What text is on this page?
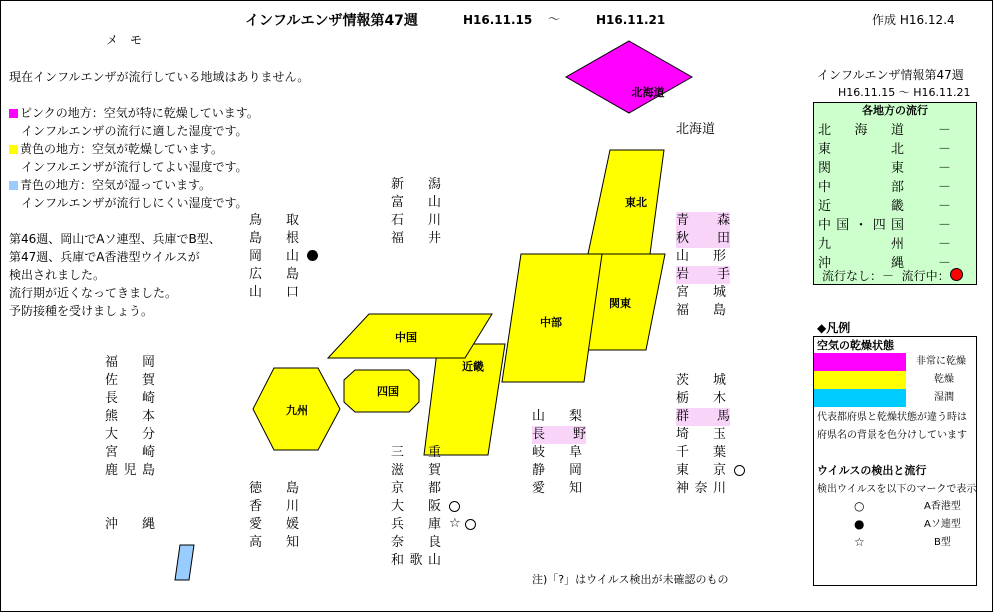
インフルエンザ情報第47週	H16.11.15 ～	H16.11.21	作成 H16.12.4
メ　モ
現在インフルエンザが流行している地域はありません。
ピンクの地方：空気が特に乾燥しています。
インフルエンザの流行に適した湿度です。
黄色の地方：空気が乾燥しています。
インフルエンザが流行してよい湿度です。
青色の地方：空気が湿っています。
インフルエンザが流行しにくい湿度です。
第46週、岡山でAソ連型、兵庫でB型、
第47週、兵庫でA香港型ウイルスが
検出されました。
流行期が近くなってきました。
予防接種を受けましょう。
北海道
東北
関東
中部
近畿
中国
四国
九州
北海道
新 潟
富 山
石 川
福 井
鳥 取
島 根
岡 山
広 島
山 口
青 森
秋 田
山 形
岩 手
宮 城
福 島
福 岡
佐 賀
長 崎
熊 本
大 分
宮 崎
鹿 児 島
沖 縄
徳 島
香 川
愛 媛
高 知
三 重
滋 賀
京 都
大 阪
兵 庫 ☆
奈 良
和 歌 山
山 梨
長 野
岐 阜
静 岡
愛 知
茨 城
栃 木
群 馬
埼 玉
千 葉
東 京
神 奈 川
注)「?」はウイルス検出が未確認のもの
インフルエンザ情報第47週
H16.11.15 ～ H16.11.21
各地方の流行
北 海 道	－
東	北	－
関	東	－
中	部	－
近	畿	－
中 国 ・ 四 国	－
九	州	－
沖	縄	－
流行なし：－ 流行中：
◆凡例
空気の乾燥状態
非常に乾燥
乾燥
湿潤
代表都府県と乾燥状態が違う時は
府県名の背景を色分けしています
ウイルスの検出と流行
検出ウイルスを以下のマークで表示
○	A香港型
●	Aソ連型
☆	B型
